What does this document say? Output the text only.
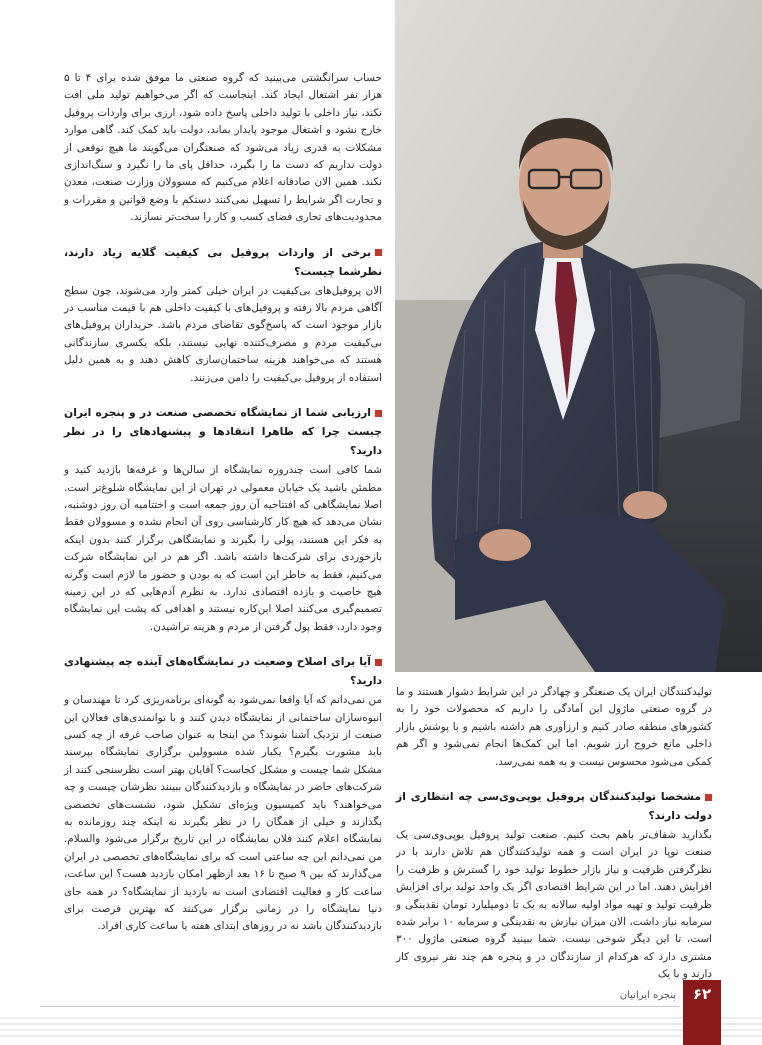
حساب سرانگشتی می‌بینید که گروه صنعتی ما موفق شده برای ۴ تا ۵ هزار نفر اشتغال ایجاد کند. اینجاست که اگر می‌خواهیم تولید ملی افت نکند، نیاز داخلی با تولید داخلی پاسخ داده شود، ارزی برای واردات پروفیل خارج نشود و اشتغال موجود پایدار بماند، دولت باید کمک کند. گاهی موارد مشکلات به قدری زیاد می‌شود که صنعتگران می‌گویند ما هیچ توقعی از دولت نداریم که دست ما را بگیرد، حداقل پای ما را نگیرد و سنگ‌اندازی نکند. همین الان صادقانه اعلام می‌کنیم که مسوولان وزارت صنعت، معدن و تجارت اگر شرایط را تسهیل نمی‌کنند دستکم با وضع قوانین و مقررات و محدودیت‌های تجاری فضای کسب و کار را سخت‌تر نسازند.

برخی از واردات پروفیل بی کیفیت گلایه زیاد دارند، نظرشما چیست؟

الان پروفیل‌های بی‌کیفیت در ایران خیلی کمتر وارد می‌شوند، چون سطح آگاهی مردم بالا رفته و پروفیل‌های با کیفیت داخلی هم با قیمت مناسب در بازار موجود است که پاسخ‌گوی تقاضای مردم باشد. خریداران پروفیل‌های بی‌کیفیت مردم و مصرف‌کننده نهایی نیستند، بلکه یکسری سازندگانی هستند که می‌خواهند هزینه ساختمان‌سازی کاهش دهند و به همین دلیل استفاده از پروفیل بی‌کیفیت را دامن می‌زنند.

ارزیابی شما از نمایشگاه تخصصی صنعت در و پنجره ایران چیست چرا که ظاهرا انتقادها و پیشنهادهای را در نظر دارید؟

شما کافی است چندروزه نمایشگاه از سالن‌ها و غرفه‌ها بازدید کنید و مطمئن باشید یک خیابان معمولی در تهران از این نمایشگاه شلوغ‌تر است. اصلا نمایشگاهی که افتتاحیه آن روز جمعه است و اختتامیه آن روز دوشنبه، نشان می‌دهد که هیچ کار کارشناسی روی آن انجام نشده و مسوولان فقط به فکر این هستند، پولی را بگیرند و نمایشگاهی برگزار کنند بدون اینکه بازخوردی برای شرکت‌ها داشته باشد. اگر هم در این نمایشگاه شرکت می‌کنیم، فقط به خاطر این است که به بودن و حضور ما لازم است وگرنه هیچ خاصیت و بازده اقتصادی ندارد. به نظرم آدم‌هایی که در این زمینه تصمیم‌گیری می‌کنند اصلا این‌کاره نیستند و اهدافی که پشت این نمایشگاه وجود دارد، فقط پول گرفتن از مردم و هزینه تراشیدن.

آیا برای اصلاح وضعیت در نمایشگاه‌های آینده چه پیشنهادی دارید؟

من نمی‌دانم که آیا واقعا نمی‌شود به گونه‌ای برنامه‌ریزی کرد تا مهندسان و انبوه‌سازان ساختمانی از نمایشگاه دیدن کنند و با توانمندی‌های فعالان این صنعت از نزدیک آشنا شوند؟ من اینجا به عنوان صاحب غرفه از چه کسی باید مشورت بگیرم؟ یکبار شده مسوولین برگزاری نمایشگاه بپرسند مشکل شما چیست و مشکل کجاست؟ آقایان بهتر است نظرسنجی کنند از شرکت‌های حاضر در نمایشگاه و بازدیدکنندگان ببینند نظرشان چیست و چه می‌خواهند؟ باید کمیسیون ویژه‌ای تشکیل شود، نشست‌های تخصصی بگذارند و خیلی از همگان را در نظر بگیرند نه اینکه چند روزمانده به نمایشگاه اعلام کنند فلان نمایشگاه در این تاریخ برگزار می‌شود والسلام. من نمی‌دانم این چه ساعتی است که برای نمایشگاه‌های تخصصی در ایران می‌گذارند که بین ۹ صبح تا ۱۶ بعد ازظهر امکان بازدید هست؟ این ساعت، ساعت کار و فعالیت اقتصادی است نه بازدید از نمایشگاه؟ در همه جای دنیا نمایشگاه را در زمانی برگزار می‌کنند که بهترین فرصت برای بازدیدکنندگان باشد نه در روزهای ابتدای هفته یا ساعت کاری افراد.

تولیدکنندگان ایران یک صنعتگر و چهادگر در این شرایط دشوار هستند و ما در گروه صنعتی ماژول این آمادگی را داریم که محصولات خود را به کشورهای منطقه صادر کنیم و ارزآوری هم داشته باشیم و با پوشش بازار داخلی مانع خروج ارز شویم. اما این کمک‌ها انجام نمی‌شود و اگر هم کمکی می‌شود محسوس نیست و به همه نمی‌رسد.

مشخصا تولیدکنندگان پروفیل یوپی‌وی‌سی چه انتظاری از دولت دارند؟

بگذارید شفاف‌تر باهم بحث کنیم. صنعت تولید پروفیل یوپی‌وی‌سی یک صنعت نوپا در ایران است و همه تولیدکنندگان هم تلاش دارند با در نظرگرفتن ظرفیت و نیاز بازار خطوط تولید خود را گسترش و ظرفیت را افزایش دهند. اما در این شرایط اقتصادی اگر یک واحد تولید برای افزایش ظرفیت تولید و تهیه مواد اولیه سالانه به یک تا دومیلیارد تومان نقدینگی و سرمایه نیاز داشت، الان میزان نیازش به نقدینگی و سرمایه ۱۰ برابر شده است، تا این دیگر شوخی نیست. شما ببینید گروه صنعتی ماژول ۳۰۰ مشتری دارد که هرکدام از سازندگان در و پنجره هم چند نفر نیروی کار دارند و با یک

۶۲
پنجره ایرانیان
